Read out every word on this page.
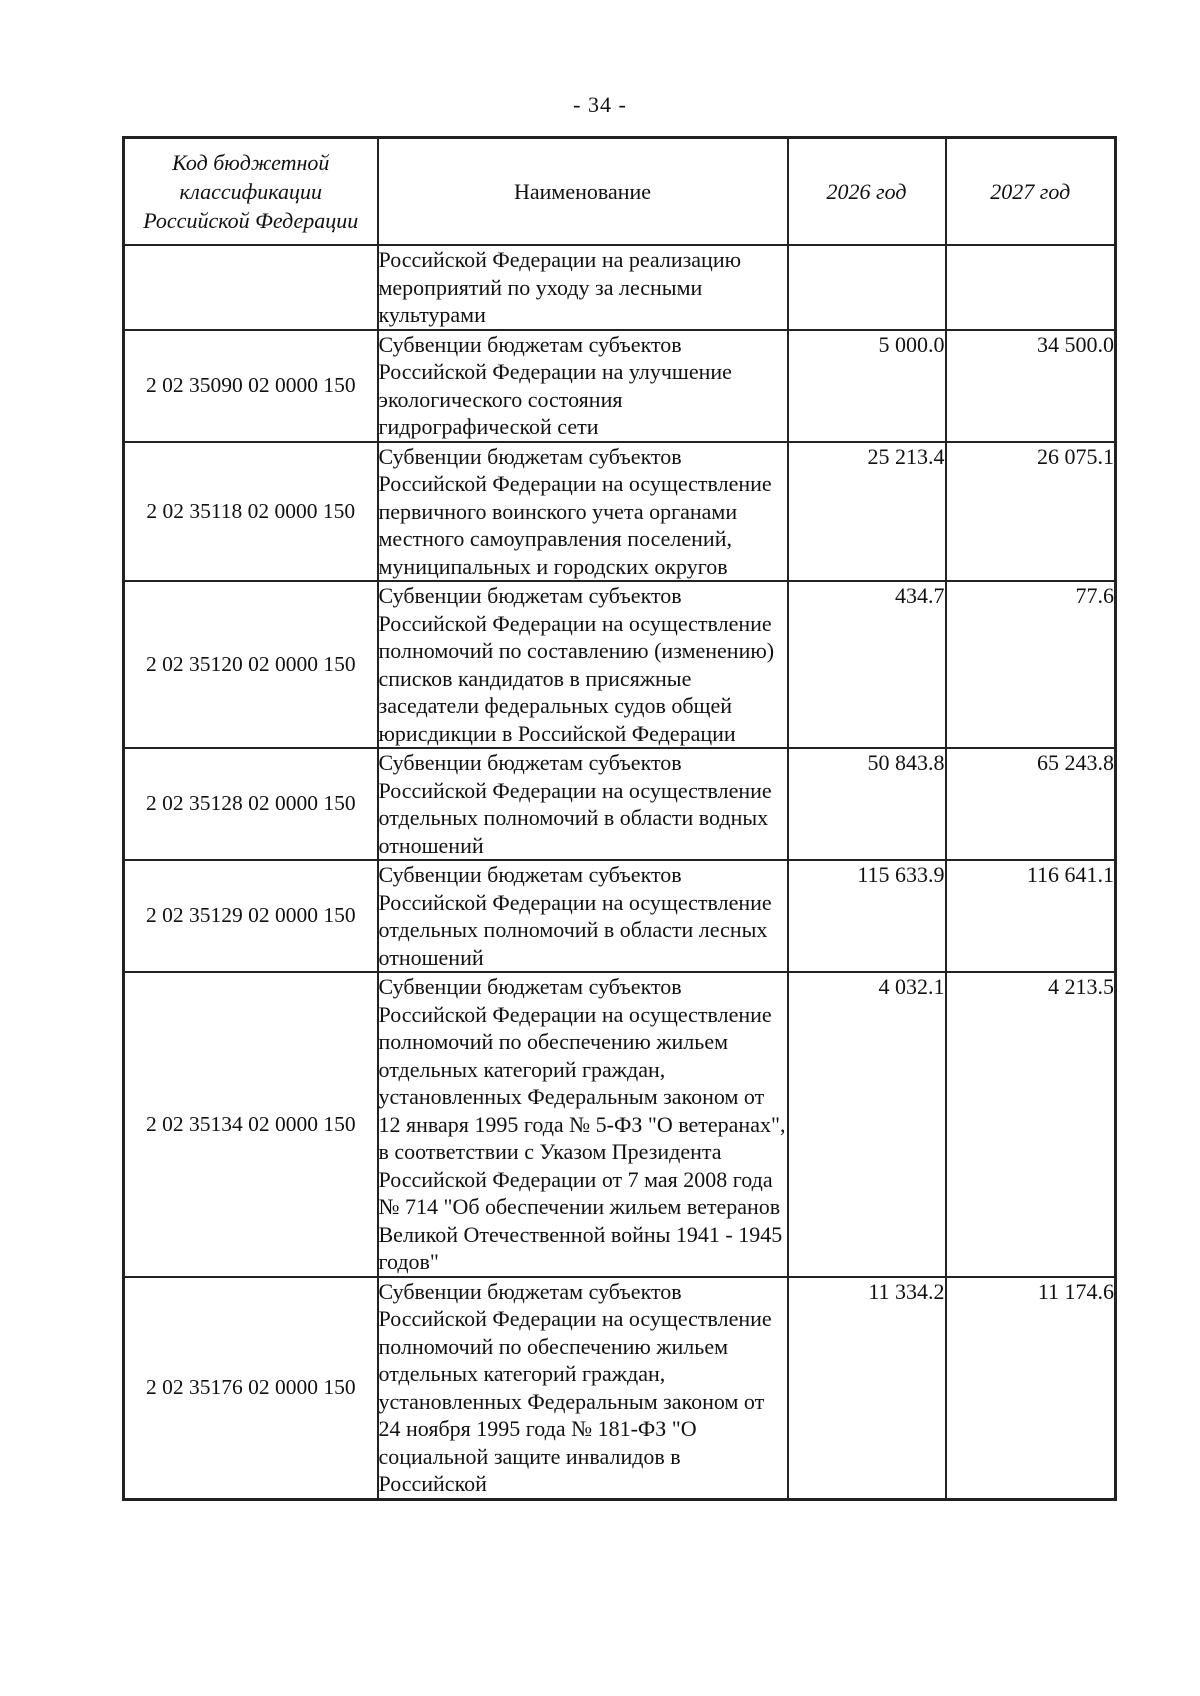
- 34 -
Код бюджетной классификации Российской Федерации	Наименование	2026 год	2027 год
	Российской Федерации на реализацию мероприятий по уходу за лесными культурами		
2 02 35090 02 0000 150	Субвенции бюджетам субъектов Российской Федерации на улучшение экологического состояния гидрографической сети	5 000.0	34 500.0
2 02 35118 02 0000 150	Субвенции бюджетам субъектов Российской Федерации на осуществление первичного воинского учета органами местного самоуправления поселений, муниципальных и городских округов	25 213.4	26 075.1
2 02 35120 02 0000 150	Субвенции бюджетам субъектов Российской Федерации на осуществление полномочий по составлению (изменению) списков кандидатов в присяжные заседатели федеральных судов общей юрисдикции в Российской Федерации	434.7	77.6
2 02 35128 02 0000 150	Субвенции бюджетам субъектов Российской Федерации на осуществление отдельных полномочий в области водных отношений	50 843.8	65 243.8
2 02 35129 02 0000 150	Субвенции бюджетам субъектов Российской Федерации на осуществление отдельных полномочий в области лесных отношений	115 633.9	116 641.1
2 02 35134 02 0000 150	Субвенции бюджетам субъектов Российской Федерации на осуществление полномочий по обеспечению жильем отдельных категорий граждан, установленных Федеральным законом от 12 января 1995 года № 5-ФЗ "О ветеранах", в соответствии с Указом Президента Российской Федерации от 7 мая 2008 года № 714 "Об обеспечении жильем ветеранов Великой Отечественной войны 1941 - 1945 годов"	4 032.1	4 213.5
2 02 35176 02 0000 150	Субвенции бюджетам субъектов Российской Федерации на осуществление полномочий по обеспечению жильем отдельных категорий граждан, установленных Федеральным законом от 24 ноября 1995 года № 181-ФЗ "О социальной защите инвалидов в Российской	11 334.2	11 174.6
